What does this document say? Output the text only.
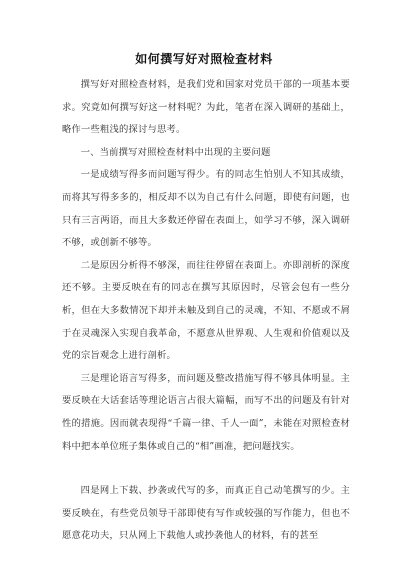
如何撰写好对照检查材料

撰写好对照检查材料，是我们党和国家对党员干部的一项基本要求。究竟如何撰写好这一材料呢？为此，笔者在深入调研的基础上，略作一些粗浅的探讨与思考。

一、当前撰写对照检查材料中出现的主要问题

一是成绩写得多而问题写得少。有的同志生怕别人不知其成绩，而将其写得多多的，相反却不以为自己有什么问题，即使有问题，也只有三言两语，而且大多数还停留在表面上，如学习不够，深入调研不够，或创新不够等。

二是原因分析得不够深，而往往停留在表面上。亦即剖析的深度还不够。主要反映在有的同志在撰写其原因时，尽管会包有一些分析，但在大多数情况下却并未触及到自己的灵魂，不知、不愿或不屑于在灵魂深入实现自我革命，不愿意从世界观、人生观和价值观以及党的宗旨观念上进行剖析。

三是理论语言写得多，而问题及整改措施写得不够具体明显。主要反映在大话套话等理论语言占很大篇幅，而写不出的问题及有针对性的措施。因而就表现得“千篇一律、千人一面”，未能在对照检查材料中把本单位班子集体或自己的“相”画准，把问题找实。

四是网上下载、抄袭或代写的多，而真正自己动笔撰写的少。主要反映在，有些党员领导干部即使有写作或较强的写作能力，但也不愿意花功夫，只从网上下载他人或抄袭他人的材料，有的甚至
